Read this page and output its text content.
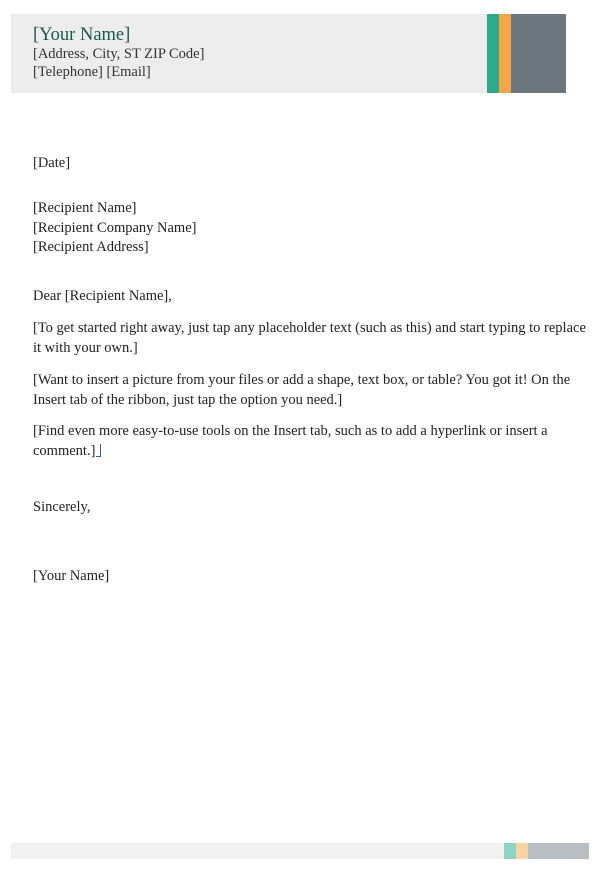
[Your Name]

[Address, City, ST ZIP Code]

[Telephone] [Email]

[Date]

[Recipient Name]

[Recipient Company Name]

[Recipient Address]

Dear [Recipient Name],

[To get started right away, just tap any placeholder text (such as this) and start typing to replace it with your own.]

[Want to insert a picture from your files or add a shape, text box, or table? You got it! On the Insert tab of the ribbon, just tap the option you need.]

[Find even more easy-to-use tools on the Insert tab, such as to add a hyperlink or insert a comment.]

Sincerely,

[Your Name]
